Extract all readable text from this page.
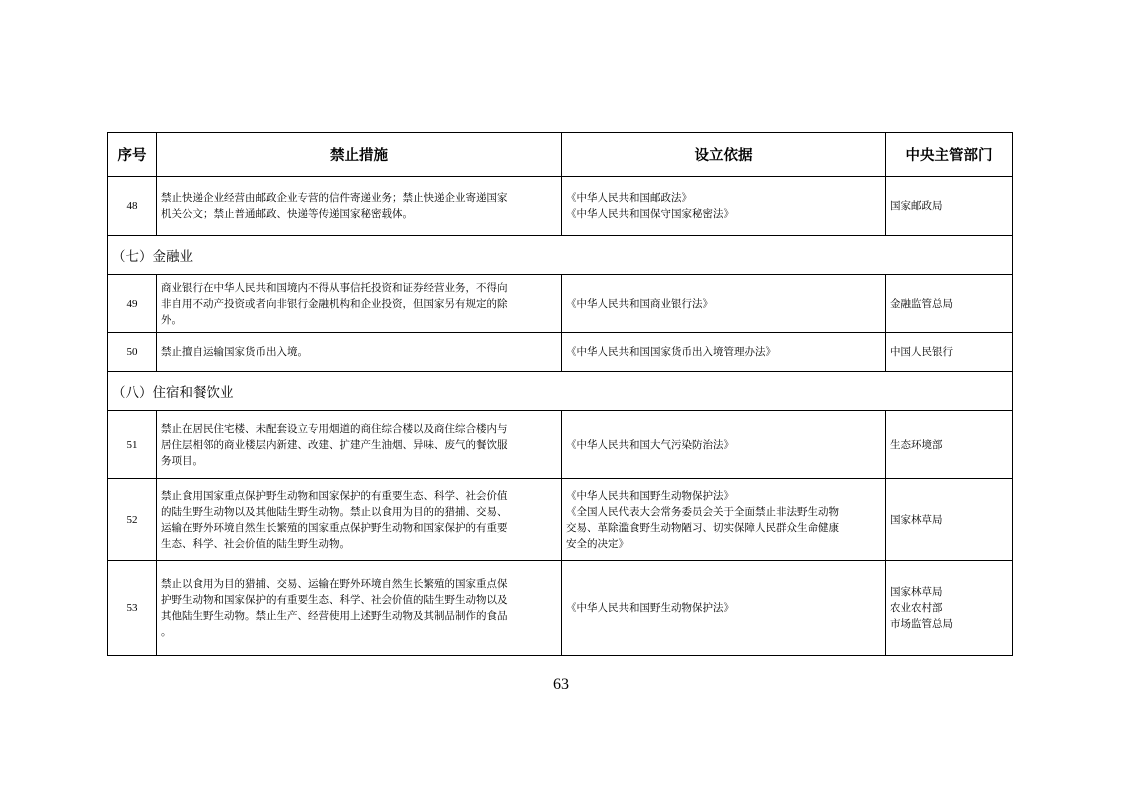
序号	禁止措施	设立依据	中央主管部门
48	禁止快递企业经营由邮政企业专营的信件寄递业务；禁止快递企业寄递国家
机关公文；禁止普通邮政、快递等传递国家秘密载体。	《中华人民共和国邮政法》
《中华人民共和国保守国家秘密法》	国家邮政局

（七）金融业			
49	商业银行在中华人民共和国境内不得从事信托投资和证券经营业务，不得向
非自用不动产投资或者向非银行金融机构和企业投资，但国家另有规定的除
外。	《中华人民共和国商业银行法》	金融监管总局

50	禁止擅自运输国家货币出入境。	《中华人民共和国国家货币出入境管理办法》	中国人民银行

（八）住宿和餐饮业			
51	禁止在居民住宅楼、未配套设立专用烟道的商住综合楼以及商住综合楼内与
居住层相邻的商业楼层内新建、改建、扩建产生油烟、异味、废气的餐饮服
务项目。	《中华人民共和国大气污染防治法》	生态环境部

52	禁止食用国家重点保护野生动物和国家保护的有重要生态、科学、社会价值
的陆生野生动物以及其他陆生野生动物。禁止以食用为目的的猎捕、交易、
运输在野外环境自然生长繁殖的国家重点保护野生动物和国家保护的有重要
生态、科学、社会价值的陆生野生动物。	《中华人民共和国野生动物保护法》
《全国人民代表大会常务委员会关于全面禁止非法野生动物
交易、革除滥食野生动物陋习、切实保障人民群众生命健康
安全的决定》	国家林草局

53	禁止以食用为目的猎捕、交易、运输在野外环境自然生长繁殖的国家重点保
护野生动物和国家保护的有重要生态、科学、社会价值的陆生野生动物以及
其他陆生野生动物。禁止生产、经营使用上述野生动物及其制品制作的食品
。	《中华人民共和国野生动物保护法》	国家林草局
农业农村部
市场监管总局
63
